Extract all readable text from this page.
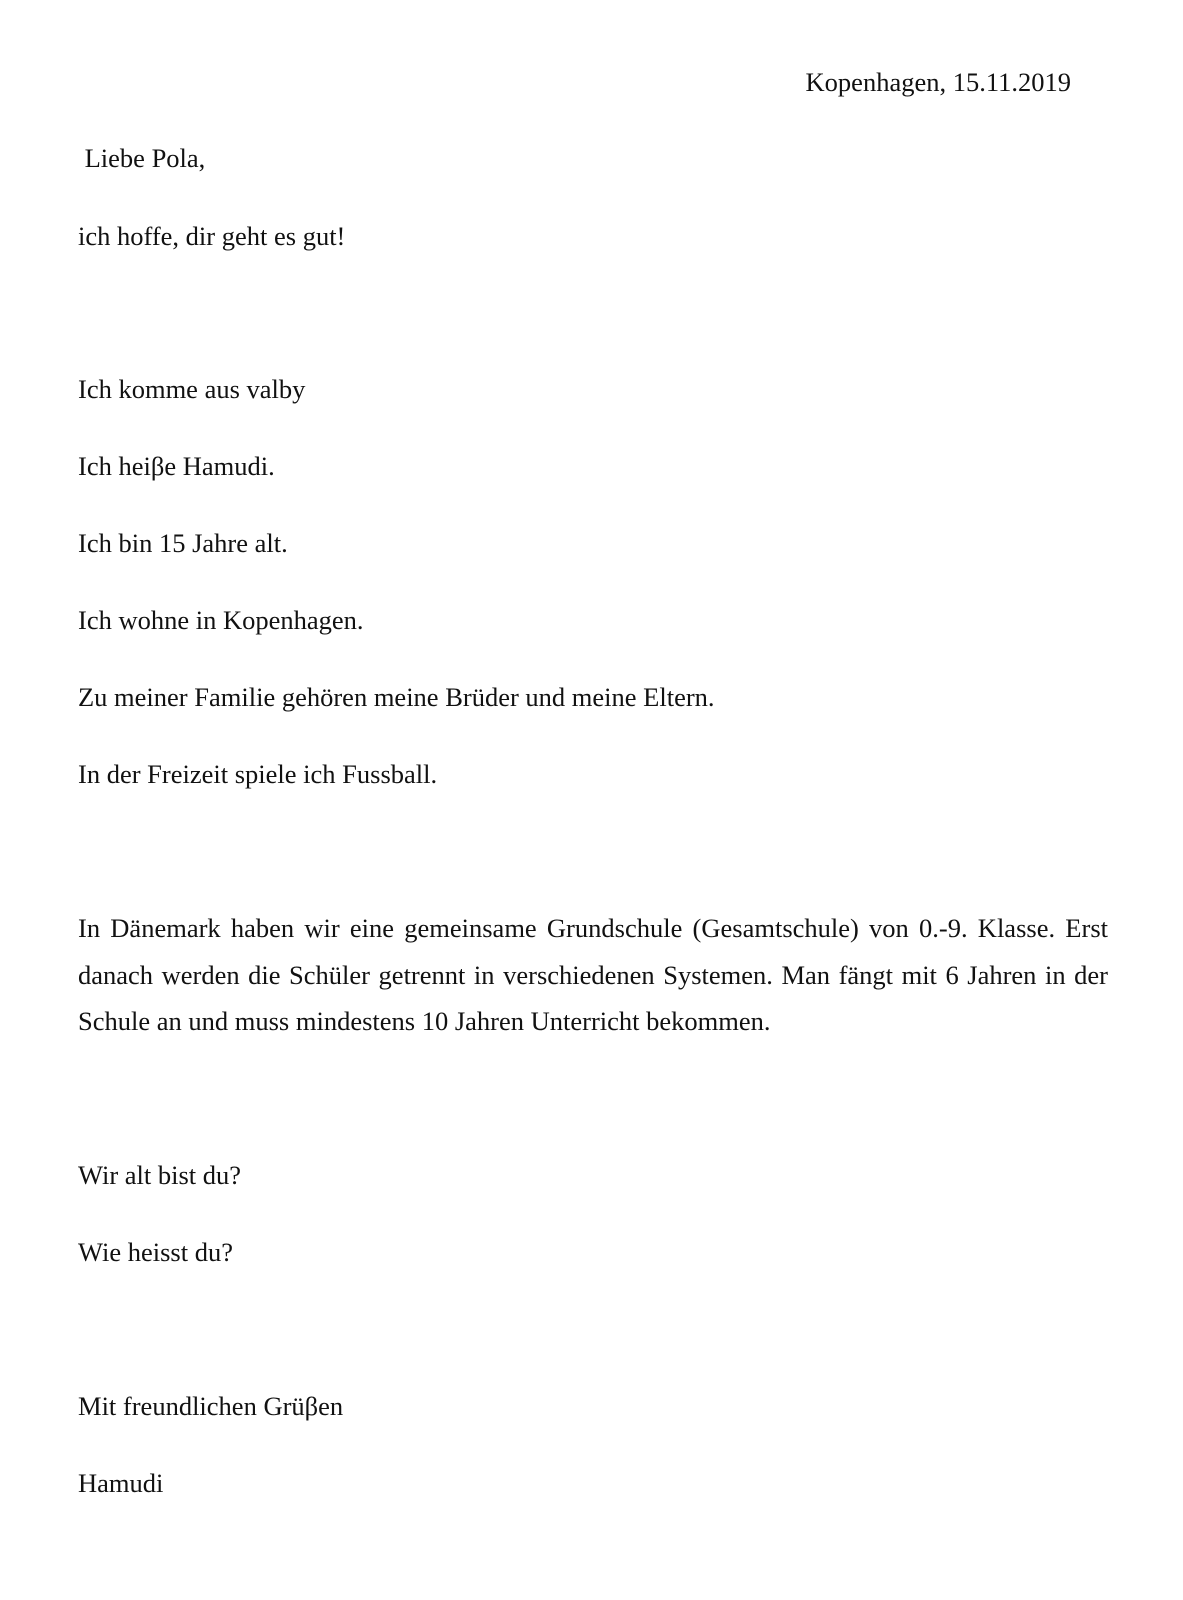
Kopenhagen, 15.11.2019
Liebe Pola,
ich hoffe, dir geht es gut!
Ich komme aus valby
Ich heiβe Hamudi.
Ich bin 15 Jahre alt.
Ich wohne in Kopenhagen.
Zu meiner Familie gehören meine Brüder und meine Eltern.
In der Freizeit spiele ich Fussball.
In Dänemark haben wir eine gemeinsame Grundschule (Gesamtschule) von 0.-9. Klasse. Erst danach werden die Schüler getrennt in verschiedenen Systemen. Man fängt mit 6 Jahren in der Schule an und muss mindestens 10 Jahren Unterricht bekommen.
Wir alt bist du?
Wie heisst du?
Mit freundlichen Grüβen
Hamudi
